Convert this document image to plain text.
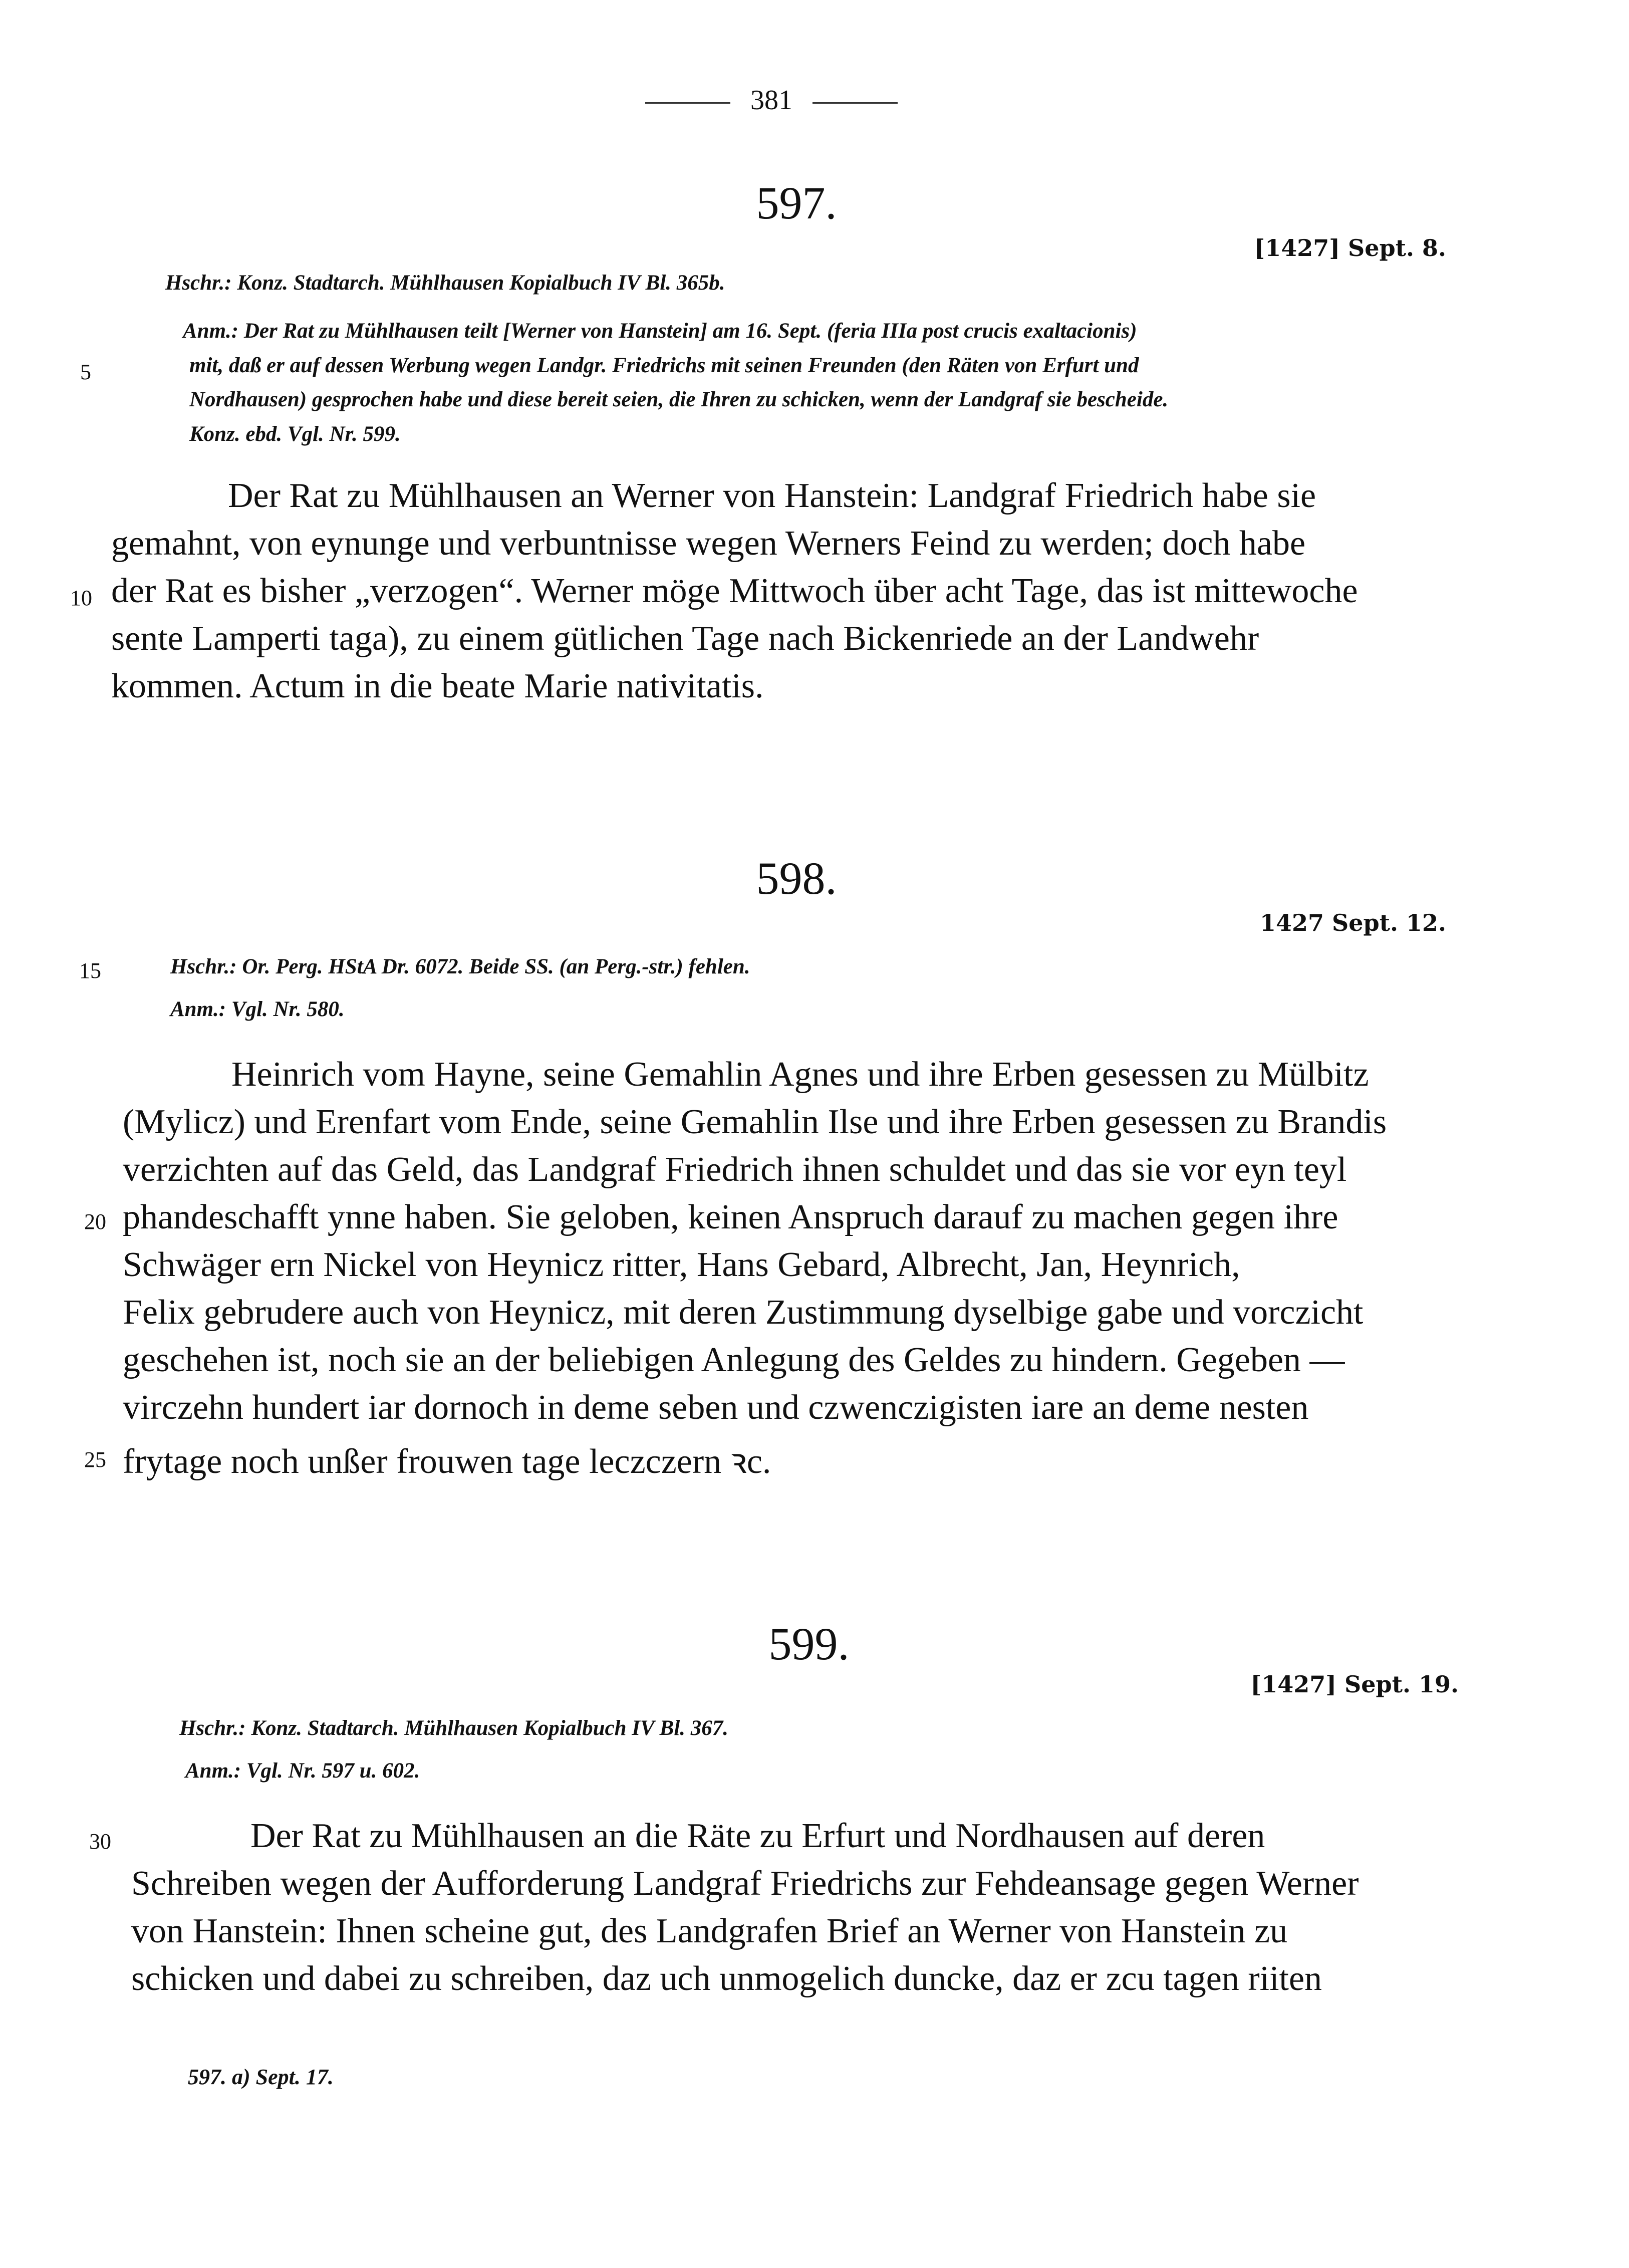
381
597.
[1427] Sept. 8.
Hschr.: Konz. Stadtarch. Mühlhausen Kopialbuch IV Bl. 365b.
Anm.: Der Rat zu Mühlhausen teilt [Werner von Hanstein] am 16. Sept. (feria IIIa post crucis exaltacionis)
mit, daß er auf dessen Werbung wegen Landgr. Friedrichs mit seinen Freunden (den Räten von Erfurt und
Nordhausen) gesprochen habe und diese bereit seien, die Ihren zu schicken, wenn der Landgraf sie bescheide.
Konz. ebd. Vgl. Nr. 599.
5
Der Rat zu Mühlhausen an Werner von Hanstein: Landgraf Friedrich habe sie
gemahnt, von eynunge und verbuntnisse wegen Werners Feind zu werden; doch habe
10 der Rat es bisher „verzogen“. Werner möge Mittwoch über acht Tage, das ist mittewoche
sente Lamperti taga), zu einem gütlichen Tage nach Bickenriede an der Landwehr
kommen. Actum in die beate Marie nativitatis.
598.
1427 Sept. 12.
15	Hschr.: Or. Perg. HStA Dr. 6072. Beide SS. (an Perg.-str.) fehlen.
Anm.: Vgl. Nr. 580.
Heinrich vom Hayne, seine Gemahlin Agnes und ihre Erben gesessen zu Mülbitz
(Mylicz) und Erenfart vom Ende, seine Gemahlin Ilse und ihre Erben gesessen zu Brandis
verzichten auf das Geld, das Landgraf Friedrich ihnen schuldet und das sie vor eyn teyl
20 phandeschafft ynne haben. Sie geloben, keinen Anspruch darauf zu machen gegen ihre
Schwäger ern Nickel von Heynicz ritter, Hans Gebard, Albrecht, Jan, Heynrich,
Felix gebrudere auch von Heynicz, mit deren Zustimmung dyselbige gabe und vorczicht
geschehen ist, noch sie an der beliebigen Anlegung des Geldes zu hindern. Gegeben —
virczehn hundert iar dornoch in deme seben und czwenczigisten iare an deme nesten
25 frytage noch unßer frouwen tage leczczern ꝛc.
599.
[1427] Sept. 19.
Hschr.: Konz. Stadtarch. Mühlhausen Kopialbuch IV Bl. 367.
Anm.: Vgl. Nr. 597 u. 602.
30	Der Rat zu Mühlhausen an die Räte zu Erfurt und Nordhausen auf deren
Schreiben wegen der Aufforderung Landgraf Friedrichs zur Fehdeansage gegen Werner
von Hanstein: Ihnen scheine gut, des Landgrafen Brief an Werner von Hanstein zu
schicken und dabei zu schreiben, daz uch unmogelich duncke, daz er zcu tagen riiten
597. a) Sept. 17.
